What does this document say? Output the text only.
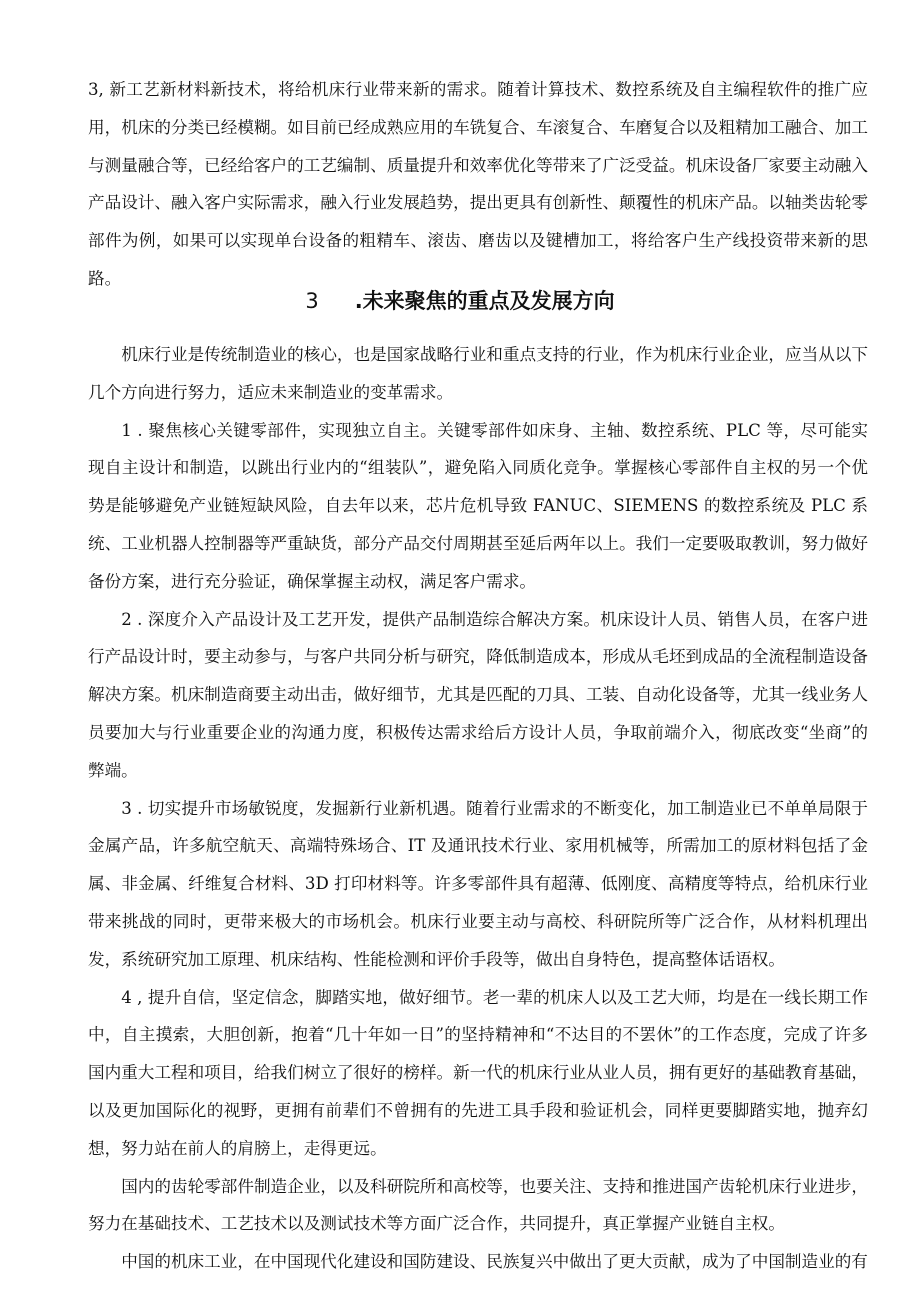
3, 新工艺新材料新技术，将给机床行业带来新的需求。随着计算技术、数控系统及自主编程软件的推广应用，机床的分类已经模糊。如目前已经成熟应用的车铣复合、车滚复合、车磨复合以及粗精加工融合、加工与测量融合等，已经给客户的工艺编制、质量提升和效率优化等带来了广泛受益。机床设备厂家要主动融入产品设计、融入客户实际需求，融入行业发展趋势，提出更具有创新性、颠覆性的机床产品。以轴类齿轮零部件为例，如果可以实现单台设备的粗精车、滚齿、磨齿以及键槽加工，将给客户生产线投资带来新的思路。

3 .未来聚焦的重点及发展方向

机床行业是传统制造业的核心，也是国家战略行业和重点支持的行业，作为机床行业企业，应当从以下几个方向进行努力，适应未来制造业的变革需求。

1 . 聚焦核心关键零部件，实现独立自主。关键零部件如床身、主轴、数控系统、PLC 等，尽可能实现自主设计和制造，以跳出行业内的“组装队”，避免陷入同质化竞争。掌握核心零部件自主权的另一个优势是能够避免产业链短缺风险，自去年以来，芯片危机导致 FANUC、SIEMENS 的数控系统及 PLC 系统、工业机器人控制器等严重缺货，部分产品交付周期甚至延后两年以上。我们一定要吸取教训，努力做好备份方案，进行充分验证，确保掌握主动权，满足客户需求。

2 . 深度介入产品设计及工艺开发，提供产品制造综合解决方案。机床设计人员、销售人员，在客户进行产品设计时，要主动参与，与客户共同分析与研究，降低制造成本，形成从毛坯到成品的全流程制造设备解决方案。机床制造商要主动出击，做好细节，尤其是匹配的刀具、工装、自动化设备等，尤其一线业务人员要加大与行业重要企业的沟通力度，积极传达需求给后方设计人员，争取前端介入，彻底改变“坐商”的弊端。

3 . 切实提升市场敏锐度，发掘新行业新机遇。随着行业需求的不断变化，加工制造业已不单单局限于金属产品，许多航空航天、高端特殊场合、IT 及通讯技术行业、家用机械等，所需加工的原材料包括了金属、非金属、纤维复合材料、3D 打印材料等。许多零部件具有超薄、低刚度、高精度等特点，给机床行业带来挑战的同时，更带来极大的市场机会。机床行业要主动与高校、科研院所等广泛合作，从材料机理出发，系统研究加工原理、机床结构、性能检测和评价手段等，做出自身特色，提高整体话语权。

4 , 提升自信，坚定信念，脚踏实地，做好细节。老一辈的机床人以及工艺大师，均是在一线长期工作中，自主摸索，大胆创新，抱着“几十年如一日”的坚持精神和“不达目的不罢休”的工作态度，完成了许多国内重大工程和项目，给我们树立了很好的榜样。新一代的机床行业从业人员，拥有更好的基础教育基础，以及更加国际化的视野，更拥有前辈们不曾拥有的先进工具手段和验证机会，同样更要脚踏实地，抛弃幻想，努力站在前人的肩膀上，走得更远。

国内的齿轮零部件制造企业，以及科研院所和高校等，也要关注、支持和推进国产齿轮机床行业进步，努力在基础技术、工艺技术以及测试技术等方面广泛合作，共同提升，真正掌握产业链自主权。

中国的机床工业，在中国现代化建设和国防建设、民族复兴中做出了更大贡献，成为了中国制造业的有
